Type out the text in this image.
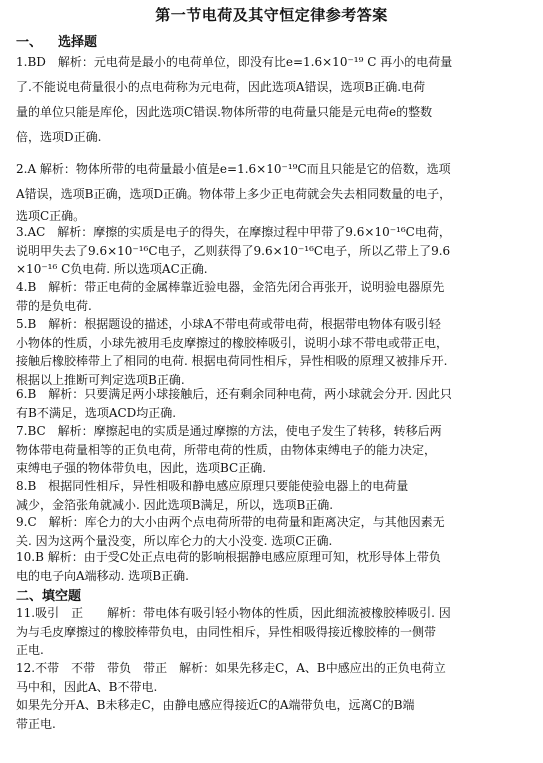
第一节电荷及其守恒定律参考答案
一、 选择题

1.BD　解析：元电荷是最小的电荷单位，即没有比e=1.6×10⁻¹⁹ C 再小的电荷量

了.不能说电荷量很小的点电荷称为元电荷，因此选项A错误，选项B正确.电荷

量的单位只能是库伦，因此选项C错误.物体所带的电荷量只能是元电荷e的整数

倍，选项D正确.

2.A 解析：物体所带的电荷量最小值是e=1.6×10⁻¹⁹C而且只能是它的倍数，选项

A错误，选项B正确，选项D正确。物体带上多少正电荷就会失去相同数量的电子，

选项C正确。

3.AC　解析：摩擦的实质是电子的得失，在摩擦过程中甲带了9.6×10⁻¹⁶C电荷，

说明甲失去了9.6×10⁻¹⁶C电子，乙则获得了9.6×10⁻¹⁶C电子，所以乙带上了9.6

×10⁻¹⁶ C负电荷. 所以选项AC正确.

4.B　解析：带正电荷的金属棒靠近验电器，金箔先闭合再张开，说明验电器原先

带的是负电荷.

5.B　解析：根据题设的描述，小球A不带电荷或带电荷，根据带电物体有吸引轻

小物体的性质，小球先被用毛皮摩擦过的橡胶棒吸引，说明小球不带电或带正电，

接触后橡胶棒带上了相同的电荷. 根据电荷同性相斥，异性相吸的原理又被排斥开.

根据以上推断可判定选项B正确.

6.B　解析：只要满足两小球接触后，还有剩余同种电荷，两小球就会分开. 因此只

有B不满足，选项ACD均正确.

7.BC　解析：摩擦起电的实质是通过摩擦的方法，使电子发生了转移，转移后两

物体带电荷量相等的正负电荷，所带电荷的性质，由物体束缚电子的能力决定，

束缚电子强的物体带负电，因此，选项BC正确.

8.B　根据同性相斥，异性相吸和静电感应原理只要能使验电器上的电荷量

减少，金箔张角就减小. 因此选项B满足，所以，选项B正确.

9.C　解析：库仑力的大小由两个点电荷所带的电荷量和距离决定，与其他因素无

关. 因为这两个量没变，所以库仑力的大小没变. 选项C正确.

10.B 解析：由于受C处正点电荷的影响根据静电感应原理可知，枕形导体上带负

电的电子向A端移动. 选项B正确.

二、填空题

11.吸引　正　　解析：带电体有吸引轻小物体的性质，因此细流被橡胶棒吸引. 因

为与毛皮摩擦过的橡胶棒带负电，由同性相斥，异性相吸得接近橡胶棒的一侧带

正电.

12.不带　不带　带负　带正　解析：如果先移走C，A、B中感应出的正负电荷立

马中和，因此A、B不带电.

如果先分开A、B未移走C，由静电感应得接近C的A端带负电，远离C的B端

带正电.
